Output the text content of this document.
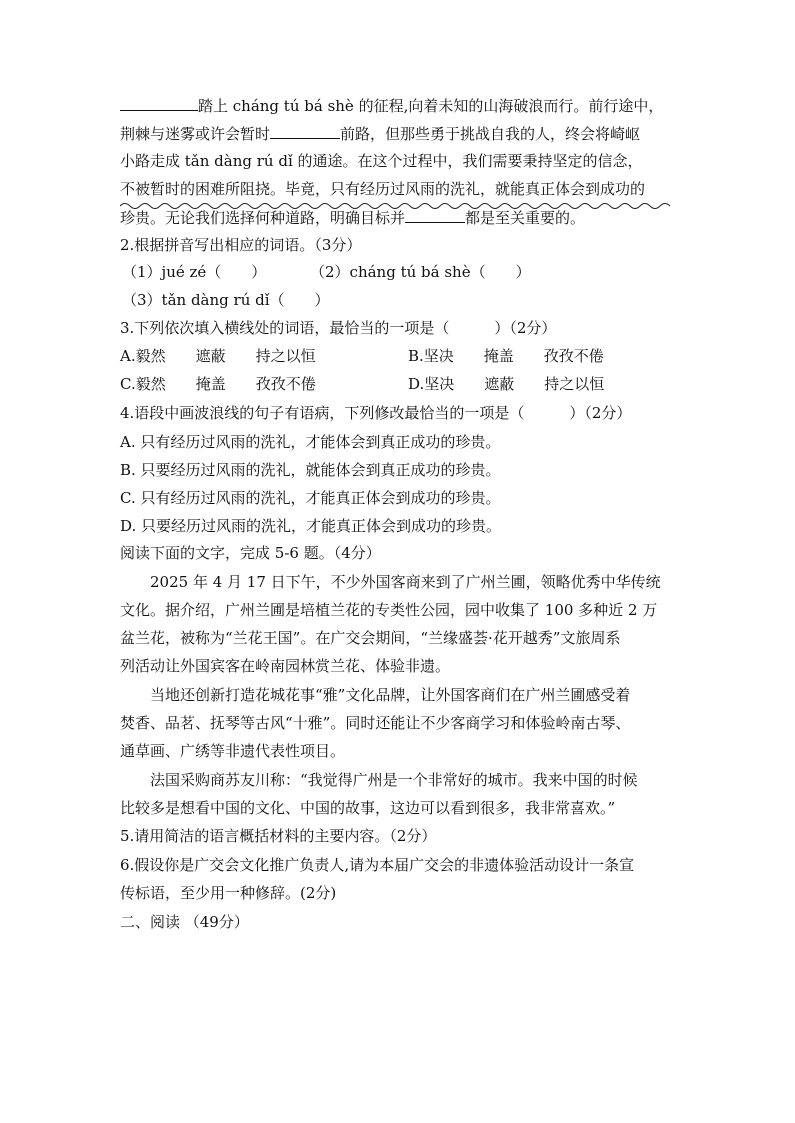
踏上 cháng tú bá shè 的征程,向着未知的山海破浪而行。前行途中，
荆棘与迷雾或许会暂时	前路，但那些勇于挑战自我的人，终会将崎岖
小路走成 tǎn dàng rú dǐ 的通途。在这个过程中，我们需要秉持坚定的信念，
不被暂时的困难所阻挠。毕竟，只有经历过风雨的洗礼，就能真正体会到成功的
珍贵。无论我们选择何种道路，明确目标并	都是至关重要的。
2.根据拼音写出相应的词语。（3分）
（1）jué zé（　　）	（2）cháng tú bá shè（　　）
（3）tǎn dàng rú dǐ（　　）
3.下列依次填入横线处的词语，最恰当的一项是（　　　）（2分）
A.毅然　　遮蔽　　持之以恒	B.坚决　　掩盖　　孜孜不倦
C.毅然　　掩盖　　孜孜不倦	D.坚决　　遮蔽　　持之以恒
4.语段中画波浪线的句子有语病，下列修改最恰当的一项是（　　　）（2分）
A. 只有经历过风雨的洗礼，才能体会到真正成功的珍贵。
B. 只要经历过风雨的洗礼，就能体会到真正成功的珍贵。
C. 只有经历过风雨的洗礼，才能真正体会到成功的珍贵。
D. 只要经历过风雨的洗礼，才能真正体会到成功的珍贵。
阅读下面的文字，完成 5-6 题。（4分）
2025 年 4 月 17 日下午，不少外国客商来到了广州兰圃，领略优秀中华传统
文化。据介绍，广州兰圃是培植兰花的专类性公园，园中收集了 100 多种近 2 万
盆兰花，被称为“兰花王国”。在广交会期间，“兰缘盛荟·花开越秀”文旅周系
列活动让外国宾客在岭南园林赏兰花、体验非遗。
当地还创新打造花城花事“雅”文化品牌，让外国客商们在广州兰圃感受着
焚香、品茗、抚琴等古风“十雅”。同时还能让不少客商学习和体验岭南古琴、
通草画、广绣等非遗代表性项目。
法国采购商苏友川称：“我觉得广州是一个非常好的城市。我来中国的时候
比较多是想看中国的文化、中国的故事，这边可以看到很多，我非常喜欢。”
5.请用简洁的语言概括材料的主要内容。（2分）
6.假设你是广交会文化推广负责人,请为本届广交会的非遗体验活动设计一条宣
传标语，至少用一种修辞。(2分)
二、阅读 （49分）
